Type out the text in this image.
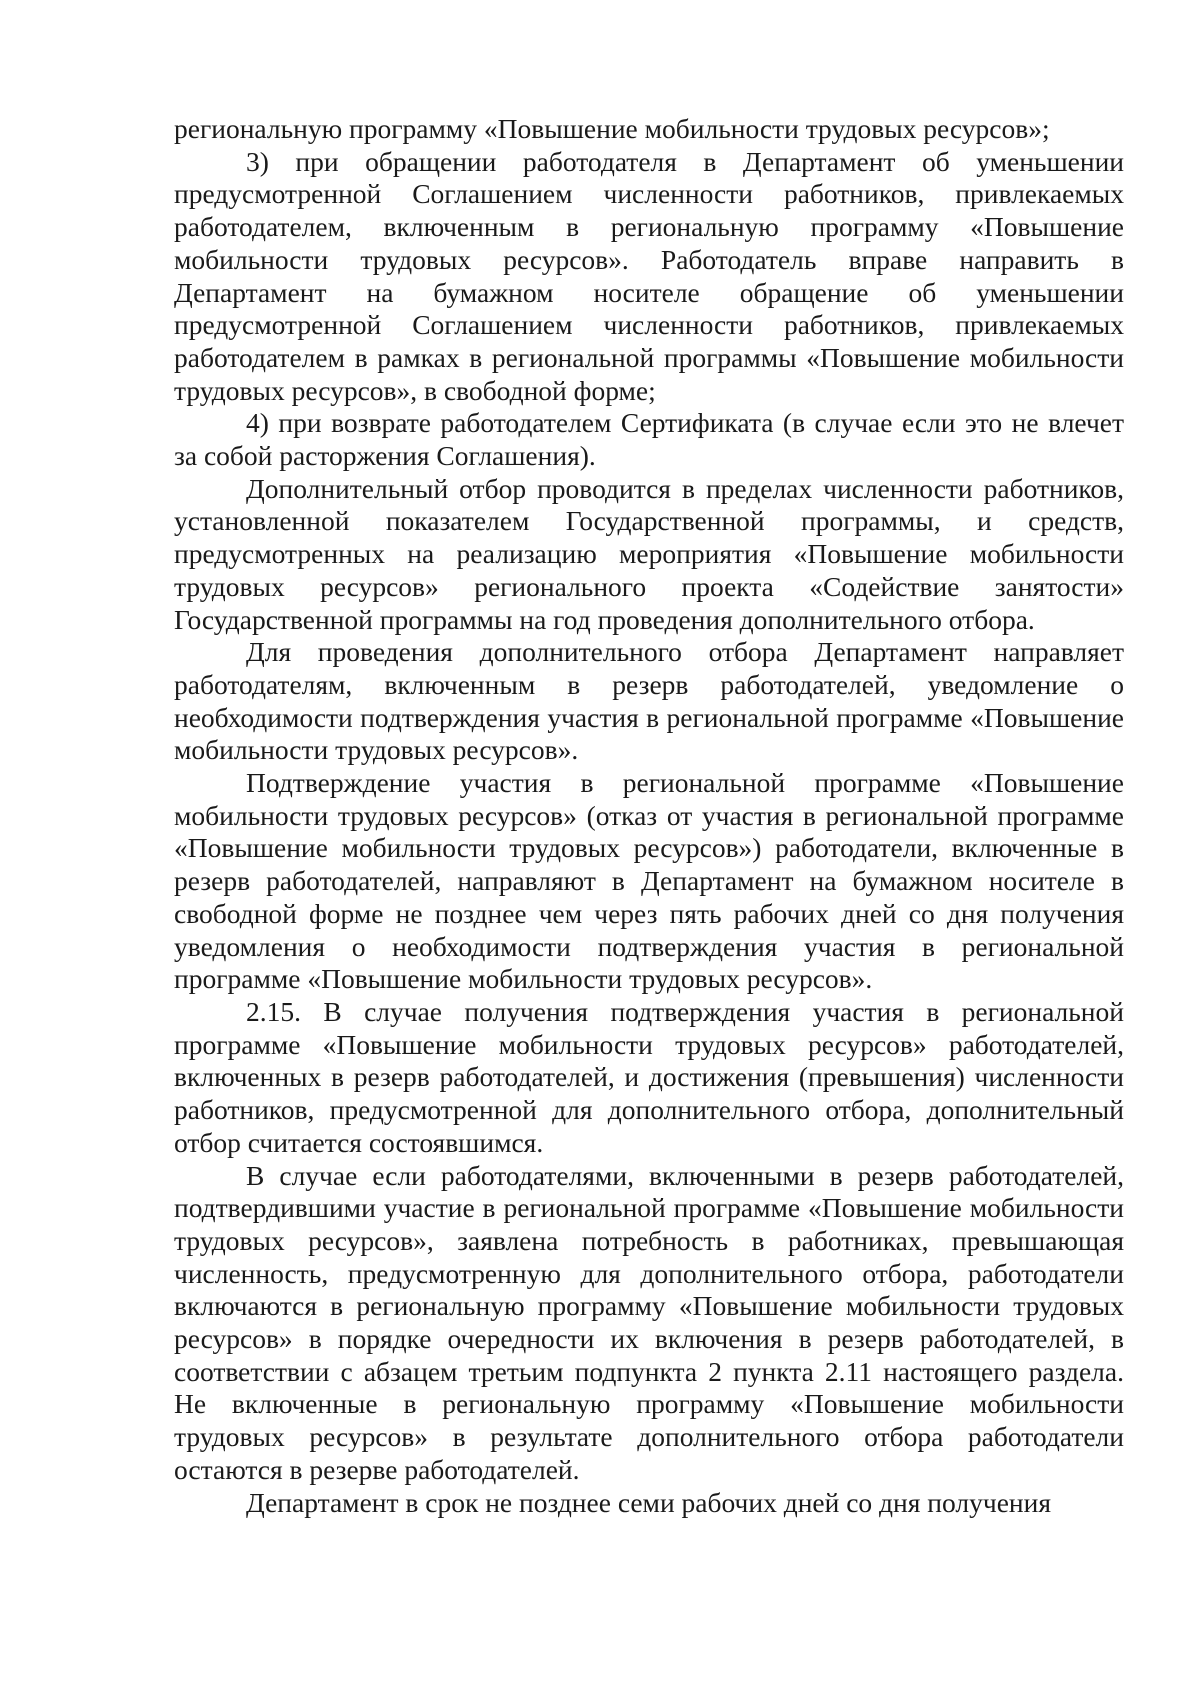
региональную программу «Повышение мобильности трудовых ресурсов»;

3) при обращении работодателя в Департамент об уменьшении предусмотренной Соглашением численности работников, привлекаемых работодателем, включенным в региональную программу «Повышение мобильности трудовых ресурсов». Работодатель вправе направить в Департамент на бумажном носителе обращение об уменьшении предусмотренной Соглашением численности работников, привлекаемых работодателем в рамках в региональной программы «Повышение мобильности трудовых ресурсов», в свободной форме;

4) при возврате работодателем Сертификата (в случае если это не влечет за собой расторжения Соглашения).

Дополнительный отбор проводится в пределах численности работников, установленной показателем Государственной программы, и средств, предусмотренных на реализацию мероприятия «Повышение мобильности трудовых ресурсов» регионального проекта «Содействие занятости» Государственной программы на год проведения дополнительного отбора.

Для проведения дополнительного отбора Департамент направляет работодателям, включенным в резерв работодателей, уведомление о необходимости подтверждения участия в региональной программе «Повышение мобильности трудовых ресурсов».

Подтверждение участия в региональной программе «Повышение мобильности трудовых ресурсов» (отказ от участия в региональной программе «Повышение мобильности трудовых ресурсов») работодатели, включенные в резерв работодателей, направляют в Департамент на бумажном носителе в свободной форме не позднее чем через пять рабочих дней со дня получения уведомления о необходимости подтверждения участия в региональной программе «Повышение мобильности трудовых ресурсов».

2.15. В случае получения подтверждения участия в региональной программе «Повышение мобильности трудовых ресурсов» работодателей, включенных в резерв работодателей, и достижения (превышения) численности работников, предусмотренной для дополнительного отбора, дополнительный отбор считается состоявшимся.

В случае если работодателями, включенными в резерв работодателей, подтвердившими участие в региональной программе «Повышение мобильности трудовых ресурсов», заявлена потребность в работниках, превышающая численность, предусмотренную для дополнительного отбора, работодатели включаются в региональную программу «Повышение мобильности трудовых ресурсов» в порядке очередности их включения в резерв работодателей, в соответствии с абзацем третьим подпункта 2 пункта 2.11 настоящего раздела. Не включенные в региональную программу «Повышение мобильности трудовых ресурсов» в результате дополнительного отбора работодатели остаются в резерве работодателей.

Департамент в срок не позднее семи рабочих дней со дня получения
